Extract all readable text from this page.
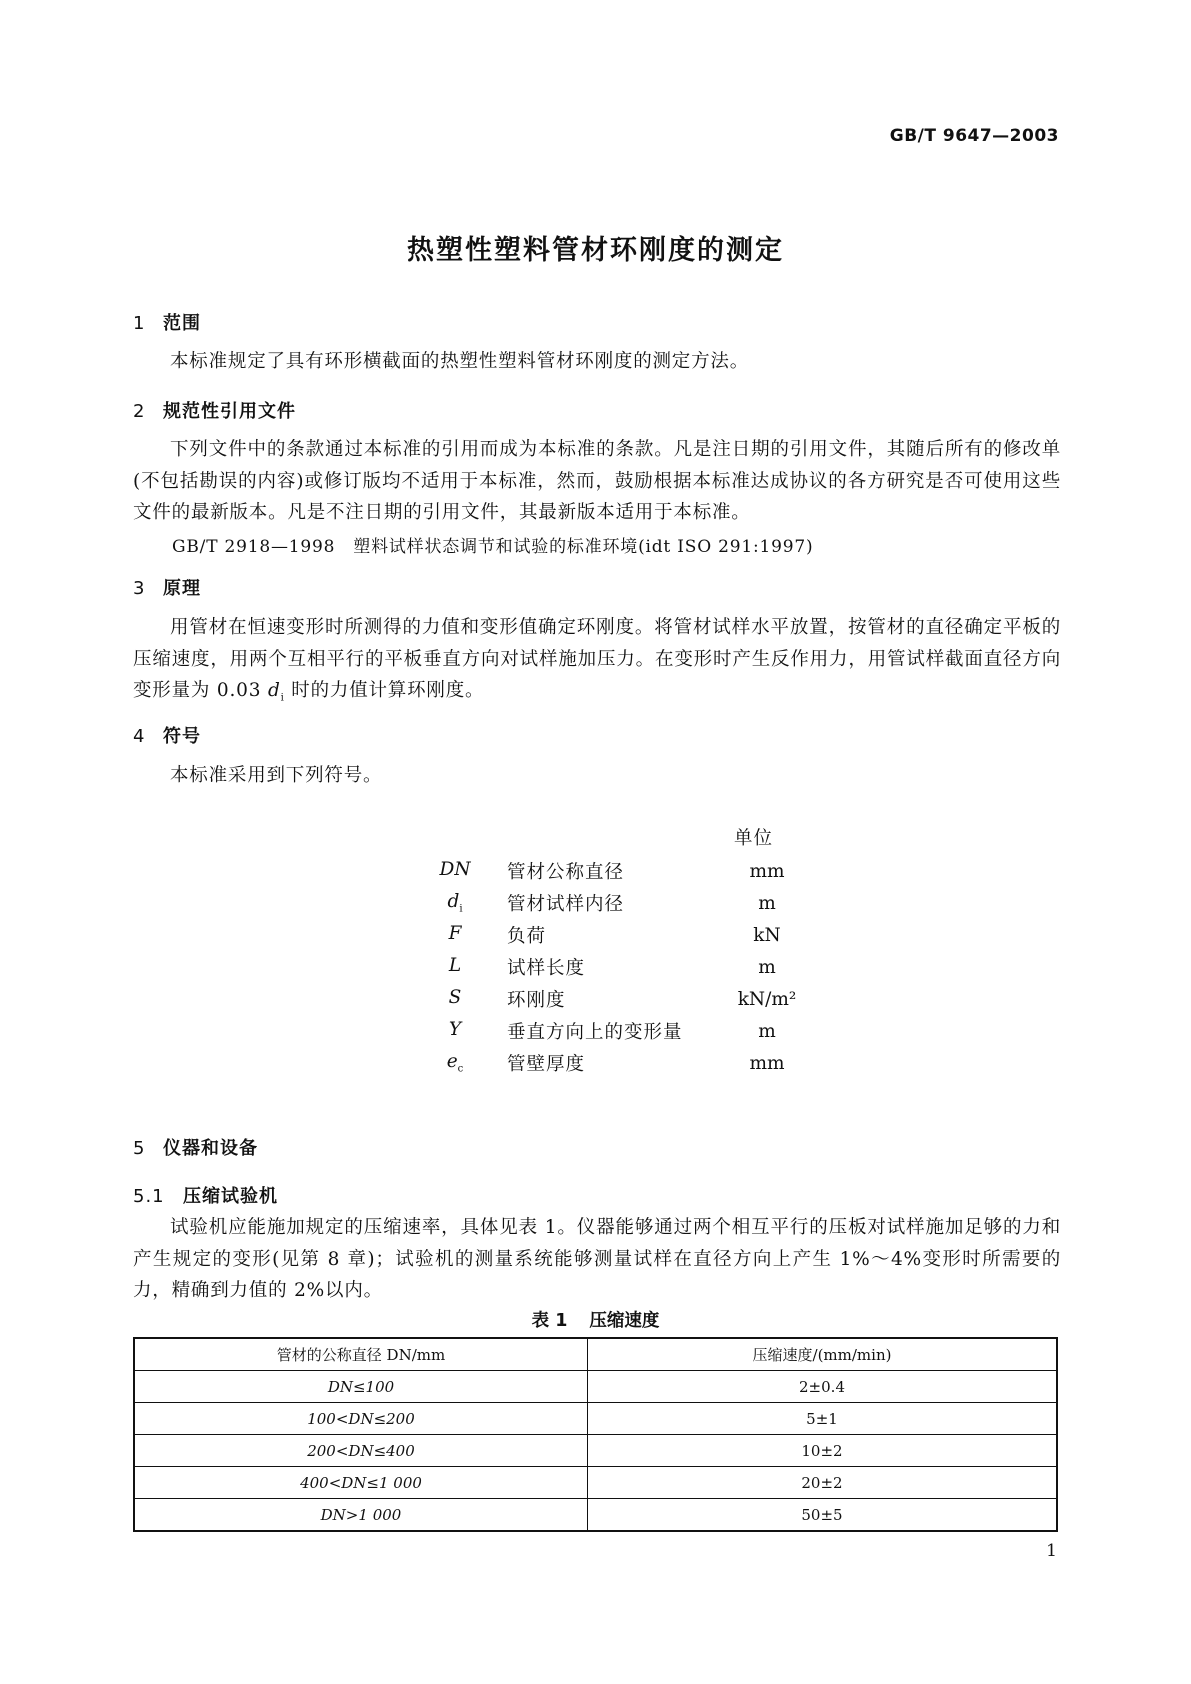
GB/T 9647—2003
热塑性塑料管材环刚度的测定
1 范围
本标准规定了具有环形横截面的热塑性塑料管材环刚度的测定方法。
2 规范性引用文件
下列文件中的条款通过本标准的引用而成为本标准的条款。凡是注日期的引用文件，其随后所有的修改单(不包括勘误的内容)或修订版均不适用于本标准，然而，鼓励根据本标准达成协议的各方研究是否可使用这些文件的最新版本。凡是不注日期的引用文件，其最新版本适用于本标准。
GB/T 2918—1998 塑料试样状态调节和试验的标准环境(idt ISO 291:1997)
3 原理
用管材在恒速变形时所测得的力值和变形值确定环刚度。将管材试样水平放置，按管材的直径确定平板的压缩速度，用两个互相平行的平板垂直方向对试样施加压力。在变形时产生反作用力，用管试样截面直径方向变形量为 0.03 $d_i$ 时的力值计算环刚度。
4 符号
本标准采用到下列符号。
单位
DN	管材公称直径	mm
$d_i$	管材试样内径	m
F	负荷	kN
L	试样长度	m
S	环刚度	kN/m²
Y	垂直方向上的变形量	m
$e_c$	管壁厚度	mm
5 仪器和设备
5.1 压缩试验机
试验机应能施加规定的压缩速率，具体见表 1。仪器能够通过两个相互平行的压板对试样施加足够的力和产生规定的变形(见第 8 章)；试验机的测量系统能够测量试样在直径方向上产生 1%～4%变形时所需要的力，精确到力值的 2%以内。
表 1 压缩速度
管材的公称直径 DN/mm	压缩速度/(mm/min)
DN≤100	2±0.4
100<DN≤200	5±1
200<DN≤400	10±2
400<DN≤1 000	20±2
DN>1 000	50±5
1
